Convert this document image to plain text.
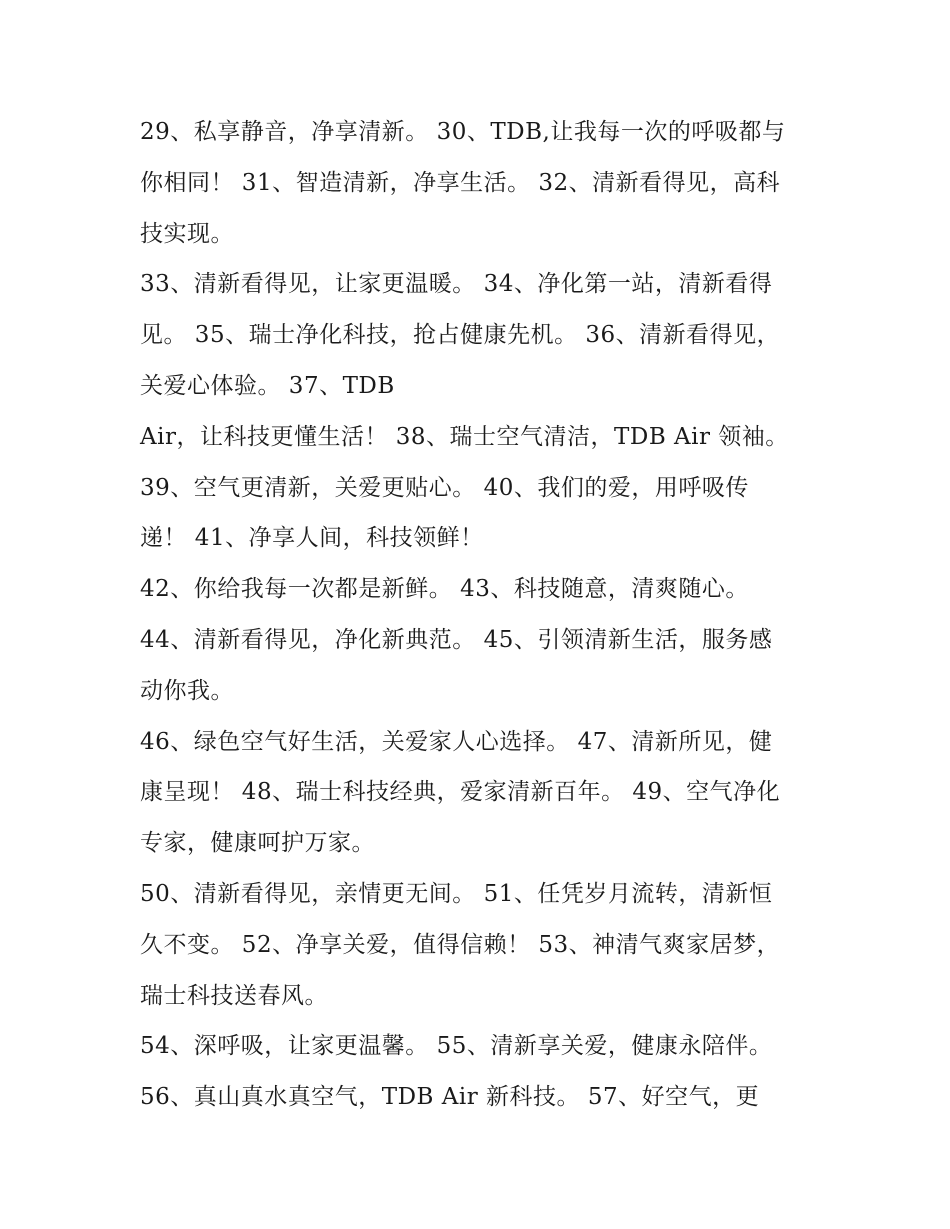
29、私享静音，净享清新。 30、TDB,让我每一次的呼吸都与
你相同！ 31、智造清新，净享生活。 32、清新看得见，高科
技实现。
33、清新看得见，让家更温暖。 34、净化第一站，清新看得
见。 35、瑞士净化科技，抢占健康先机。 36、清新看得见，
关爱心体验。 37、TDB
Air，让科技更懂生活！ 38、瑞士空气清洁，TDB Air 领袖。
39、空气更清新，关爱更贴心。 40、我们的爱，用呼吸传
递！ 41、净享人间，科技领鲜！
42、你给我每一次都是新鲜。 43、科技随意，清爽随心。
44、清新看得见，净化新典范。 45、引领清新生活，服务感
动你我。
46、绿色空气好生活，关爱家人心选择。 47、清新所见，健
康呈现！ 48、瑞士科技经典，爱家清新百年。 49、空气净化
专家，健康呵护万家。
50、清新看得见，亲情更无间。 51、任凭岁月流转，清新恒
久不变。 52、净享关爱，值得信赖！ 53、神清气爽家居梦，
瑞士科技送春风。
54、深呼吸，让家更温馨。 55、清新享关爱，健康永陪伴。
56、真山真水真空气，TDB Air 新科技。 57、好空气，更
